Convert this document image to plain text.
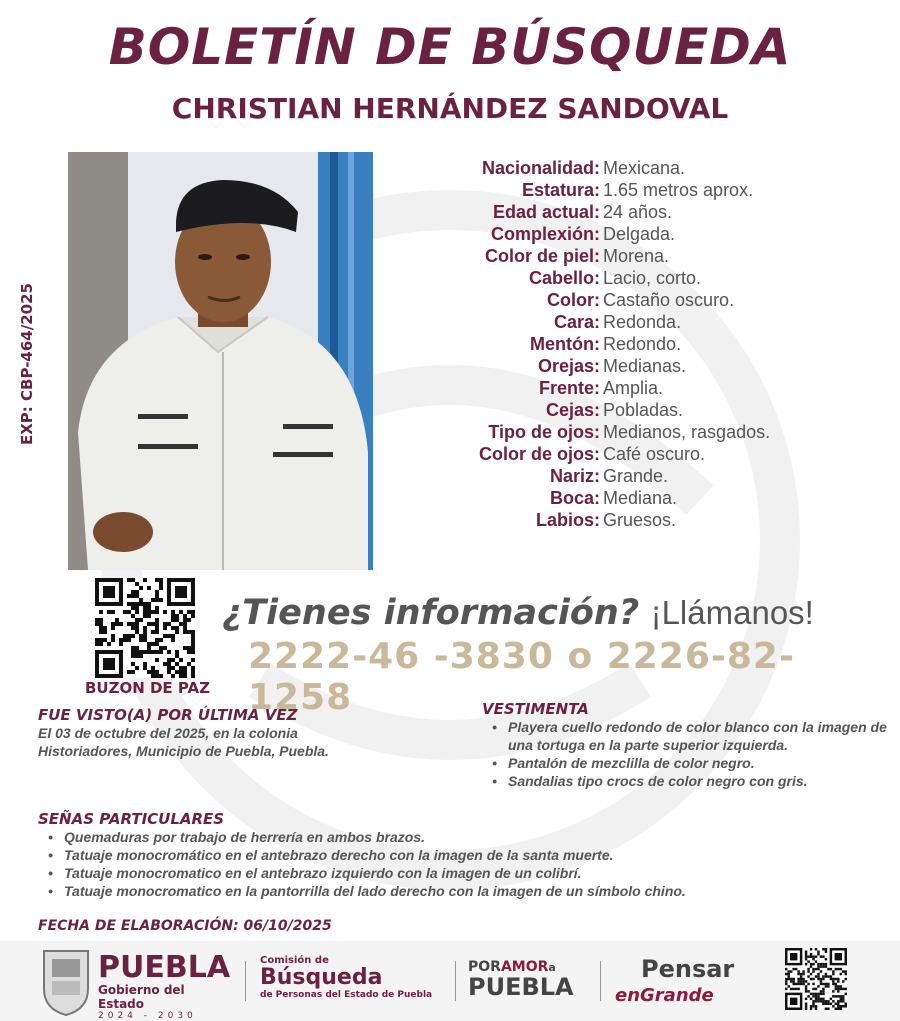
BOLETÍN DE BÚSQUEDA
CHRISTIAN HERNÁNDEZ SANDOVAL
EXP: CBP-464/2025
Nacionalidad: Mexicana.
Estatura: 1.65 metros aprox.
Edad actual: 24 años.
Complexión: Delgada.
Color de piel: Morena.
Cabello: Lacio, corto.
Color: Castaño oscuro.
Cara: Redonda.
Mentón: Redondo.
Orejas: Medianas.
Frente: Amplia.
Cejas: Pobladas.
Tipo de ojos: Medianos, rasgados.
Color de ojos: Café oscuro.
Nariz: Grande.
Boca: Mediana.
Labios: Gruesos.
BUZON DE PAZ
¿Tienes información? ¡Llámanos!
2222-46 -3830 o 2226-82-1258
FUE VISTO(A) POR ÚLTIMA VEZ
El 03 de octubre del 2025, en la colonia
Historiadores, Municipio de Puebla, Puebla.
VESTIMENTA
• Playera cuello redondo de color blanco con la imagen de una tortuga en la parte superior izquierda.
• Pantalón de mezclilla de color negro.
• Sandalias tipo crocs de color negro con gris.
SEÑAS PARTICULARES
• Quemaduras por trabajo de herrería en ambos brazos.
• Tatuaje monocromático en el antebrazo derecho con la imagen de la santa muerte.
• Tatuaje monocromatico en el antebrazo izquierdo con la imagen de un colibrí.
• Tatuaje monocromatico en la pantorrilla del lado derecho con la imagen de un símbolo chino.
FECHA DE ELABORACIÓN: 06/10/2025
PUEBLA
Gobierno del Estado
2024 - 2030
Comisión de
Búsqueda
de Personas del Estado de Puebla
PORAMORa
PUEBLA
Pensar
enGrande
